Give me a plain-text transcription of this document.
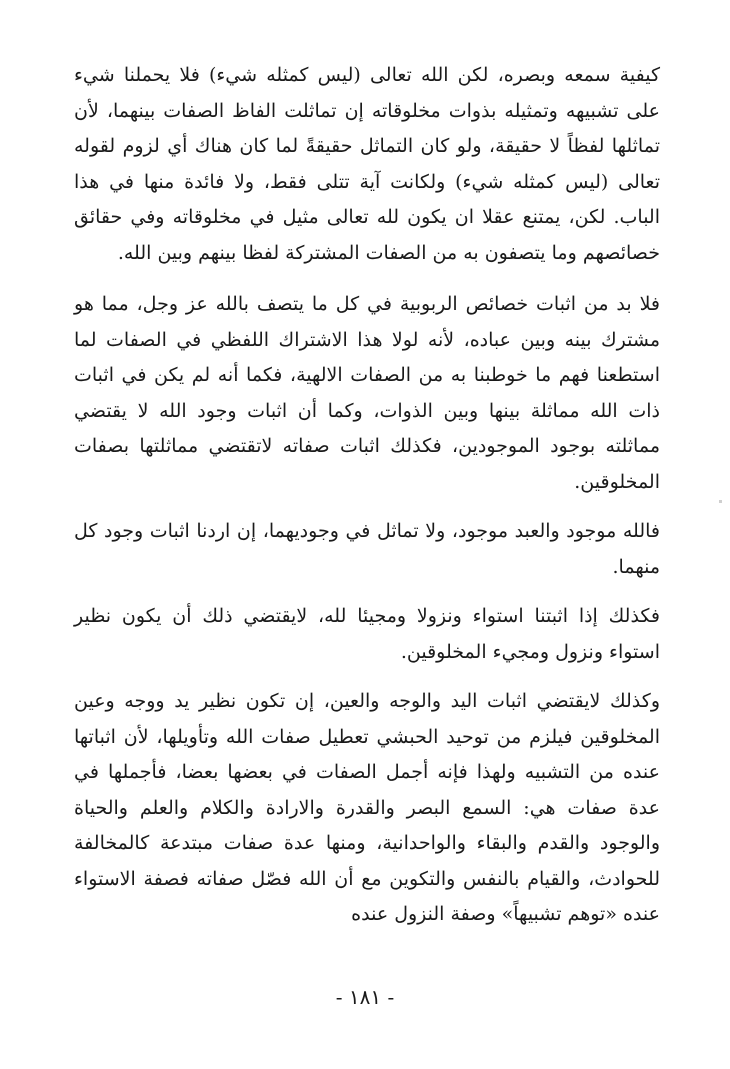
كيفية سمعه وبصره، لكن الله تعالى (ليس كمثله شيء) فلا يحملنا شيء على تشبيهه وتمثيله بذوات مخلوقاته إن تماثلت الفاظ الصفات بينهما، لأن تماثلها لفظاً لا حقيقة، ولو كان التماثل حقيقةً لما كان هناك أي لزوم لقوله تعالى (ليس كمثله شيء) ولكانت آية تتلى فقط، ولا فائدة منها في هذا الباب. لكن، يمتنع عقلا ان يكون لله تعالى مثيل في مخلوقاته وفي حقائق خصائصهم وما يتصفون به من الصفات المشتركة لفظا بينهم وبين الله.

فلا بد من اثبات خصائص الربوبية في كل ما يتصف بالله عز وجل، مما هو مشترك بينه وبين عباده، لأنه لولا هذا الاشتراك اللفظي في الصفات لما استطعنا فهم ما خوطبنا به من الصفات الالهية، فكما أنه لم يكن في اثبات ذات الله مماثلة بينها وبين الذوات، وكما أن اثبات وجود الله لا يقتضي مماثلته بوجود الموجودين، فكذلك اثبات صفاته لاتقتضي مماثلتها بصفات المخلوقين.

فالله موجود والعبد موجود، ولا تماثل في وجوديهما، إن اردنا اثبات وجود كل منهما.

فكذلك إذا اثبتنا استواء ونزولا ومجيئا لله، لايقتضي ذلك أن يكون نظير استواء ونزول ومجيء المخلوقين.

وكذلك لايقتضي اثبات اليد والوجه والعين، إن تكون نظير يد ووجه وعين المخلوقين فيلزم من توحيد الحبشي تعطيل صفات الله وتأويلها، لأن اثباتها عنده من التشبيه ولهذا فإنه أجمل الصفات في بعضها بعضا، فأجملها في عدة صفات هي: السمع البصر والقدرة والارادة والكلام والعلم والحياة والوجود والقدم والبقاء والواحدانية، ومنها عدة صفات مبتدعة كالمخالفة للحوادث، والقيام بالنفس والتكوين مع أن الله فصّل صفاته فصفة الاستواء عنده «توهم تشبيهاً» وصفة النزول عنده

- ١٨١ -
